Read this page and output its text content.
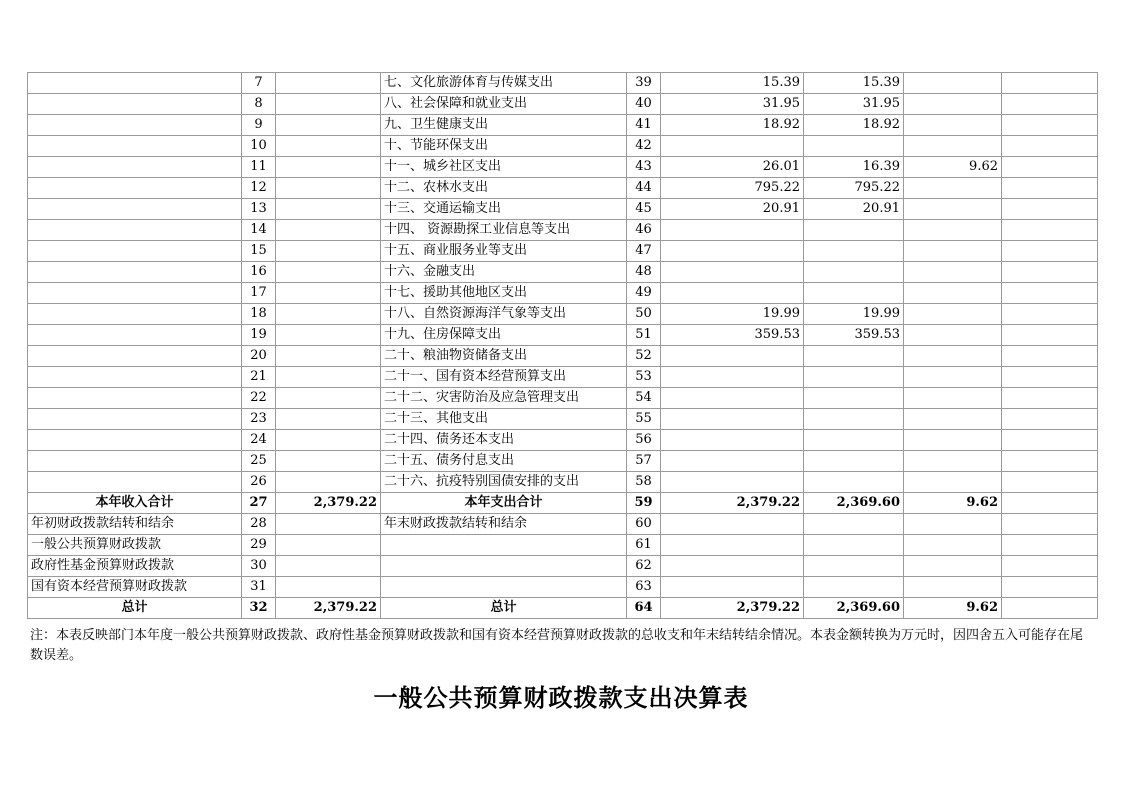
	7		七、文化旅游体育与传媒支出	39	15.39	15.39		
	8		八、社会保障和就业支出	40	31.95	31.95		
	9		九、卫生健康支出	41	18.92	18.92		
	10		十、节能环保支出	42				
	11		十一、城乡社区支出	43	26.01	16.39	9.62	
	12		十二、农林水支出	44	795.22	795.22		
	13		十三、交通运输支出	45	20.91	20.91		
	14		十四、 资源勘探工业信息等支出	46				
	15		十五、商业服务业等支出	47				
	16		十六、金融支出	48				
	17		十七、援助其他地区支出	49				
	18		十八、自然资源海洋气象等支出	50	19.99	19.99		
	19		十九、住房保障支出	51	359.53	359.53		
	20		二十、粮油物资储备支出	52				
	21		二十一、国有资本经营预算支出	53				
	22		二十二、灾害防治及应急管理支出	54				
	23		二十三、其他支出	55				
	24		二十四、债务还本支出	56				
	25		二十五、债务付息支出	57				
	26		二十六、抗疫特别国债安排的支出	58				
本年收入合计	27	2,379.22	本年支出合计	59	2,379.22	2,369.60	9.62	
年初财政拨款结转和结余	28		年末财政拨款结转和结余	60				
一般公共预算财政拨款	29			61				
政府性基金预算财政拨款	30			62				
国有资本经营预算财政拨款	31			63				
总计	32	2,379.22	总计	64	2,379.22	2,369.60	9.62	
注：本表反映部门本年度一般公共预算财政拨款、政府性基金预算财政拨款和国有资本经营预算财政拨款的总收支和年末结转结余情况。本表金额转换为万元时，因四舍五入可能存在尾数误差。
一般公共预算财政拨款支出决算表
